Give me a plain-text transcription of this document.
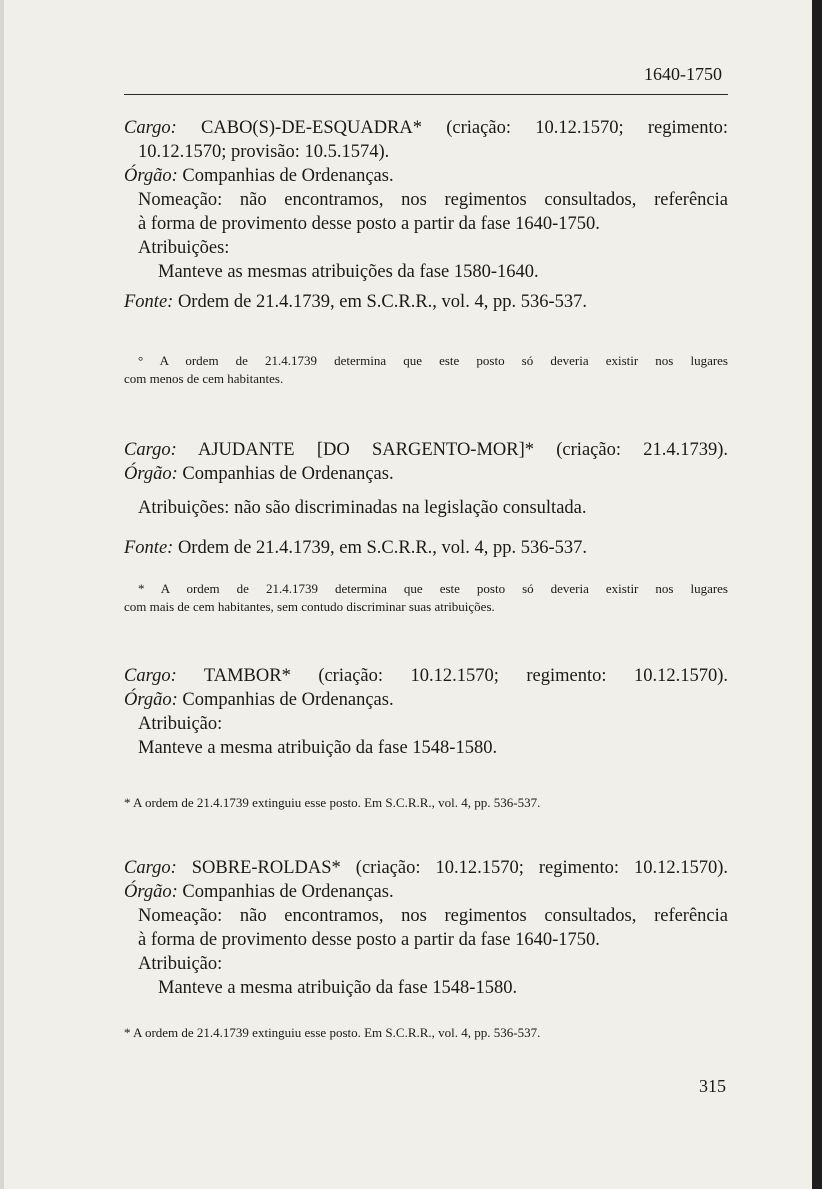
1640-1750
Cargo: CABO(S)-DE-ESQUADRA* (criação: 10.12.1570; regimento:
10.12.1570; provisão: 10.5.1574).
Órgão: Companhias de Ordenanças.
Nomeação: não encontramos, nos regimentos consultados, referência
à forma de provimento desse posto a partir da fase 1640-1750.
Atribuições:
Manteve as mesmas atribuições da fase 1580-1640.
Fonte: Ordem de 21.4.1739, em S.C.R.R., vol. 4, pp. 536-537.
° A ordem de 21.4.1739 determina que este posto só deveria existir nos lugares
com menos de cem habitantes.
Cargo: AJUDANTE [DO SARGENTO-MOR]* (criação: 21.4.1739).
Órgão: Companhias de Ordenanças.
Atribuições: não são discriminadas na legislação consultada.
Fonte: Ordem de 21.4.1739, em S.C.R.R., vol. 4, pp. 536-537.
* A ordem de 21.4.1739 determina que este posto só deveria existir nos lugares
com mais de cem habitantes, sem contudo discriminar suas atribuições.
Cargo: TAMBOR* (criação: 10.12.1570; regimento: 10.12.1570).
Órgão: Companhias de Ordenanças.
Atribuição:
Manteve a mesma atribuição da fase 1548-1580.
* A ordem de 21.4.1739 extinguiu esse posto. Em S.C.R.R., vol. 4, pp. 536-537.
Cargo: SOBRE-ROLDAS* (criação: 10.12.1570; regimento: 10.12.1570).
Órgão: Companhias de Ordenanças.
Nomeação: não encontramos, nos regimentos consultados, referência
à forma de provimento desse posto a partir da fase 1640-1750.
Atribuição:
Manteve a mesma atribuição da fase 1548-1580.
* A ordem de 21.4.1739 extinguiu esse posto. Em S.C.R.R., vol. 4, pp. 536-537.
315
